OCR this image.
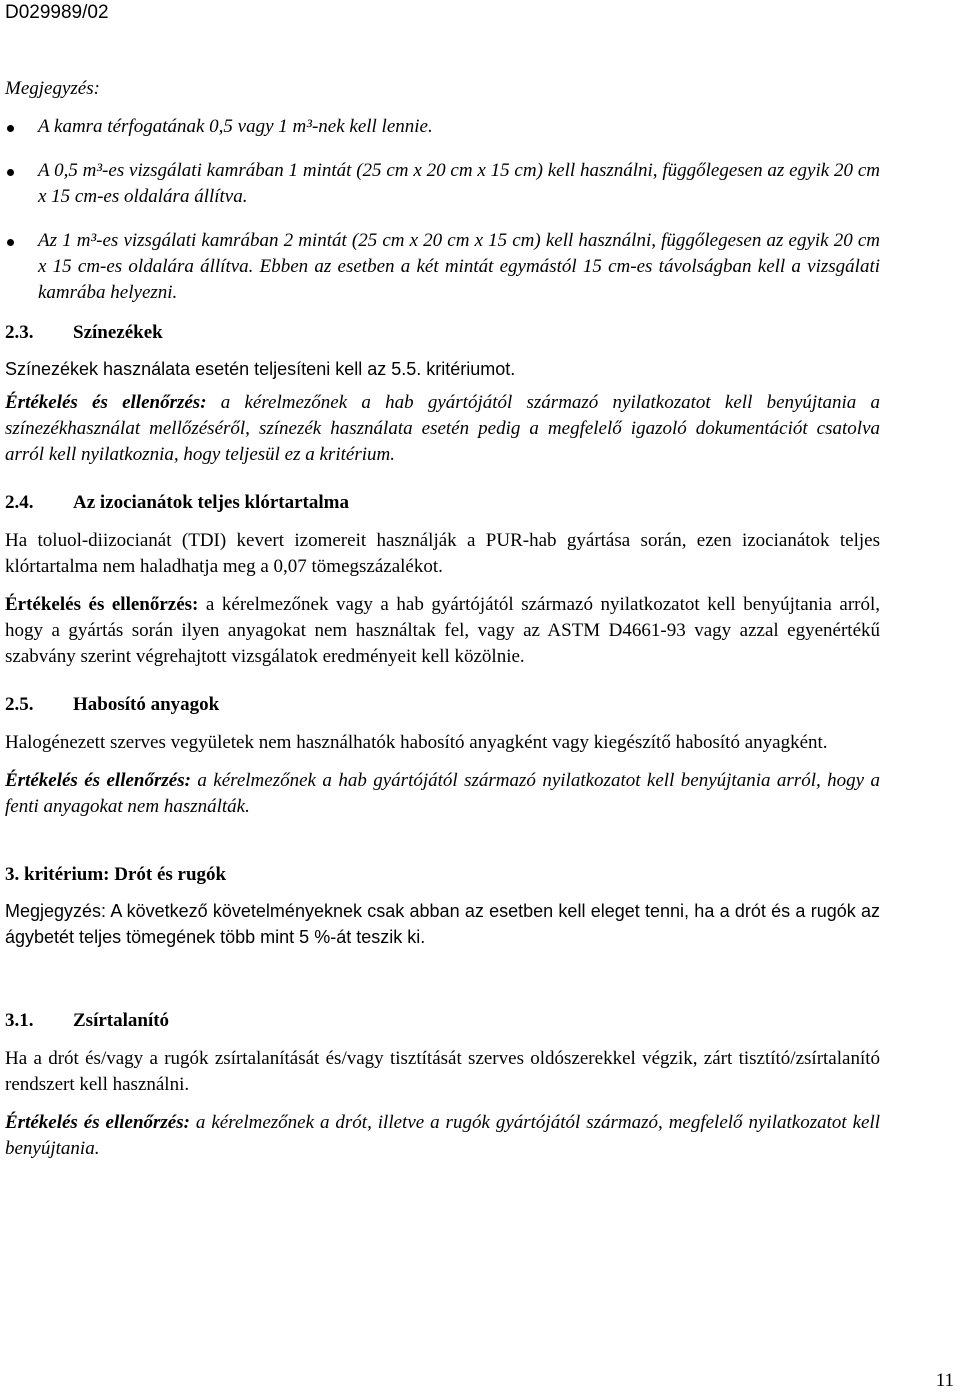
D029989/02

Megjegyzés:

A kamra térfogatának 0,5 vagy 1 m³-nek kell lennie.
A 0,5 m³-es vizsgálati kamrában 1 mintát (25 cm x 20 cm x 15 cm) kell használni, függőlegesen az egyik 20 cm x 15 cm-es oldalára állítva.
Az 1 m³-es vizsgálati kamrában 2 mintát (25 cm x 20 cm x 15 cm) kell használni, függőlegesen az egyik 20 cm x 15 cm-es oldalára állítva. Ebben az esetben a két mintát egymástól 15 cm-es távolságban kell a vizsgálati kamrába helyezni.
2.3. Színezékek

Színezékek használata esetén teljesíteni kell az 5.5. kritériumot.

Értékelés és ellenőrzés: a kérelmezőnek a hab gyártójától származó nyilatkozatot kell benyújtania a színezékhasználat mellőzéséről, színezék használata esetén pedig a megfelelő igazoló dokumentációt csatolva arról kell nyilatkoznia, hogy teljesül ez a kritérium.

2.4. Az izocianátok teljes klórtartalma

Ha toluol-diizocianát (TDI) kevert izomereit használják a PUR-hab gyártása során, ezen izocianátok teljes klórtartalma nem haladhatja meg a 0,07 tömegszázalékot.

Értékelés és ellenőrzés: a kérelmezőnek vagy a hab gyártójától származó nyilatkozatot kell benyújtania arról, hogy a gyártás során ilyen anyagokat nem használtak fel, vagy az ASTM D4661-93 vagy azzal egyenértékű szabvány szerint végrehajtott vizsgálatok eredményeit kell közölnie.

2.5. Habosító anyagok

Halogénezett szerves vegyületek nem használhatók habosító anyagként vagy kiegészítő habosító anyagként.

Értékelés és ellenőrzés: a kérelmezőnek a hab gyártójától származó nyilatkozatot kell benyújtania arról, hogy a fenti anyagokat nem használták.

3. kritérium: Drót és rugók

Megjegyzés: A következő követelményeknek csak abban az esetben kell eleget tenni, ha a drót és a rugók az ágybetét teljes tömegének több mint 5 %-át teszik ki.

3.1. Zsírtalanító

Ha a drót és/vagy a rugók zsírtalanítását és/vagy tisztítását szerves oldószerekkel végzik, zárt tisztító/zsírtalanító rendszert kell használni.

Értékelés és ellenőrzés: a kérelmezőnek a drót, illetve a rugók gyártójától származó, megfelelő nyilatkozatot kell benyújtania.

11
